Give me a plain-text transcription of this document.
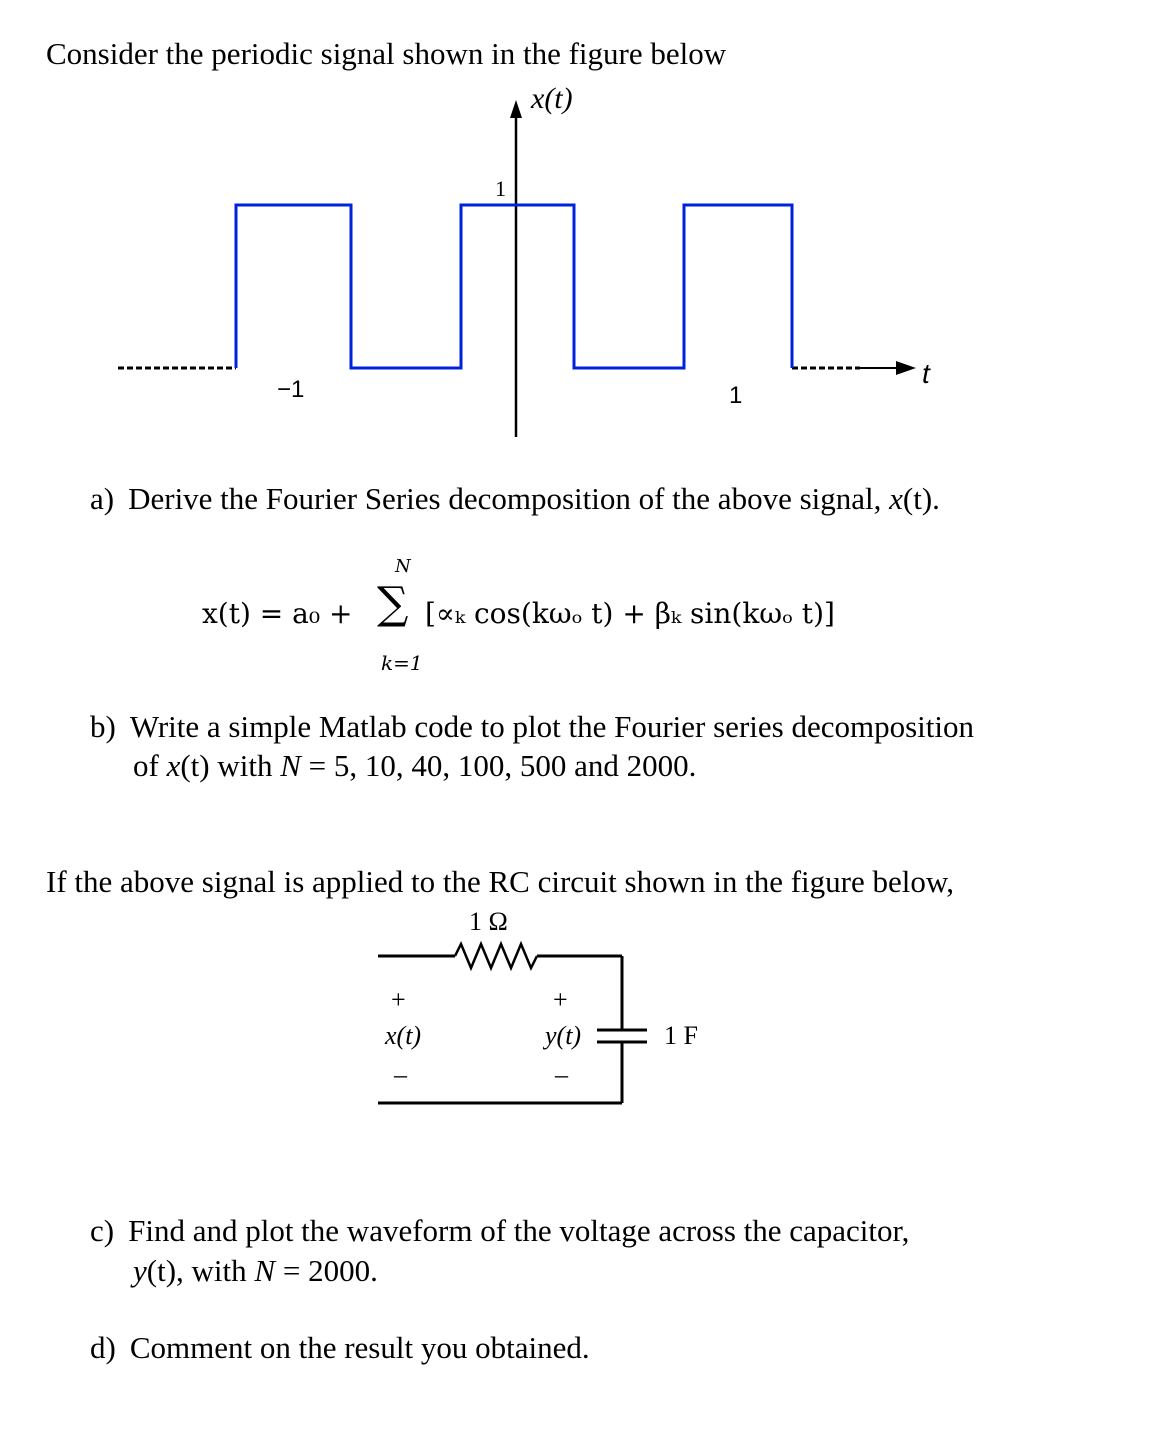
Consider the periodic signal shown in the figure below
x(t)
1
t
−1	1
a) Derive the Fourier Series decomposition of the above signal, x(t).
x(t) = a₀ +
N
∑
k=1
[∝ₖ cos(kωₒ t) + βₖ sin(kωₒ t)]
b) Write a simple Matlab code to plot the Fourier series decomposition
of x(t) with N = 5, 10, 40, 100, 500 and 2000.
If the above signal is applied to the RC circuit shown in the figure below,
1 Ω
1 F
+
x(t)
–
+
y(t)
–
c) Find and plot the waveform of the voltage across the capacitor,
y(t), with N = 2000.
d) Comment on the result you obtained.
